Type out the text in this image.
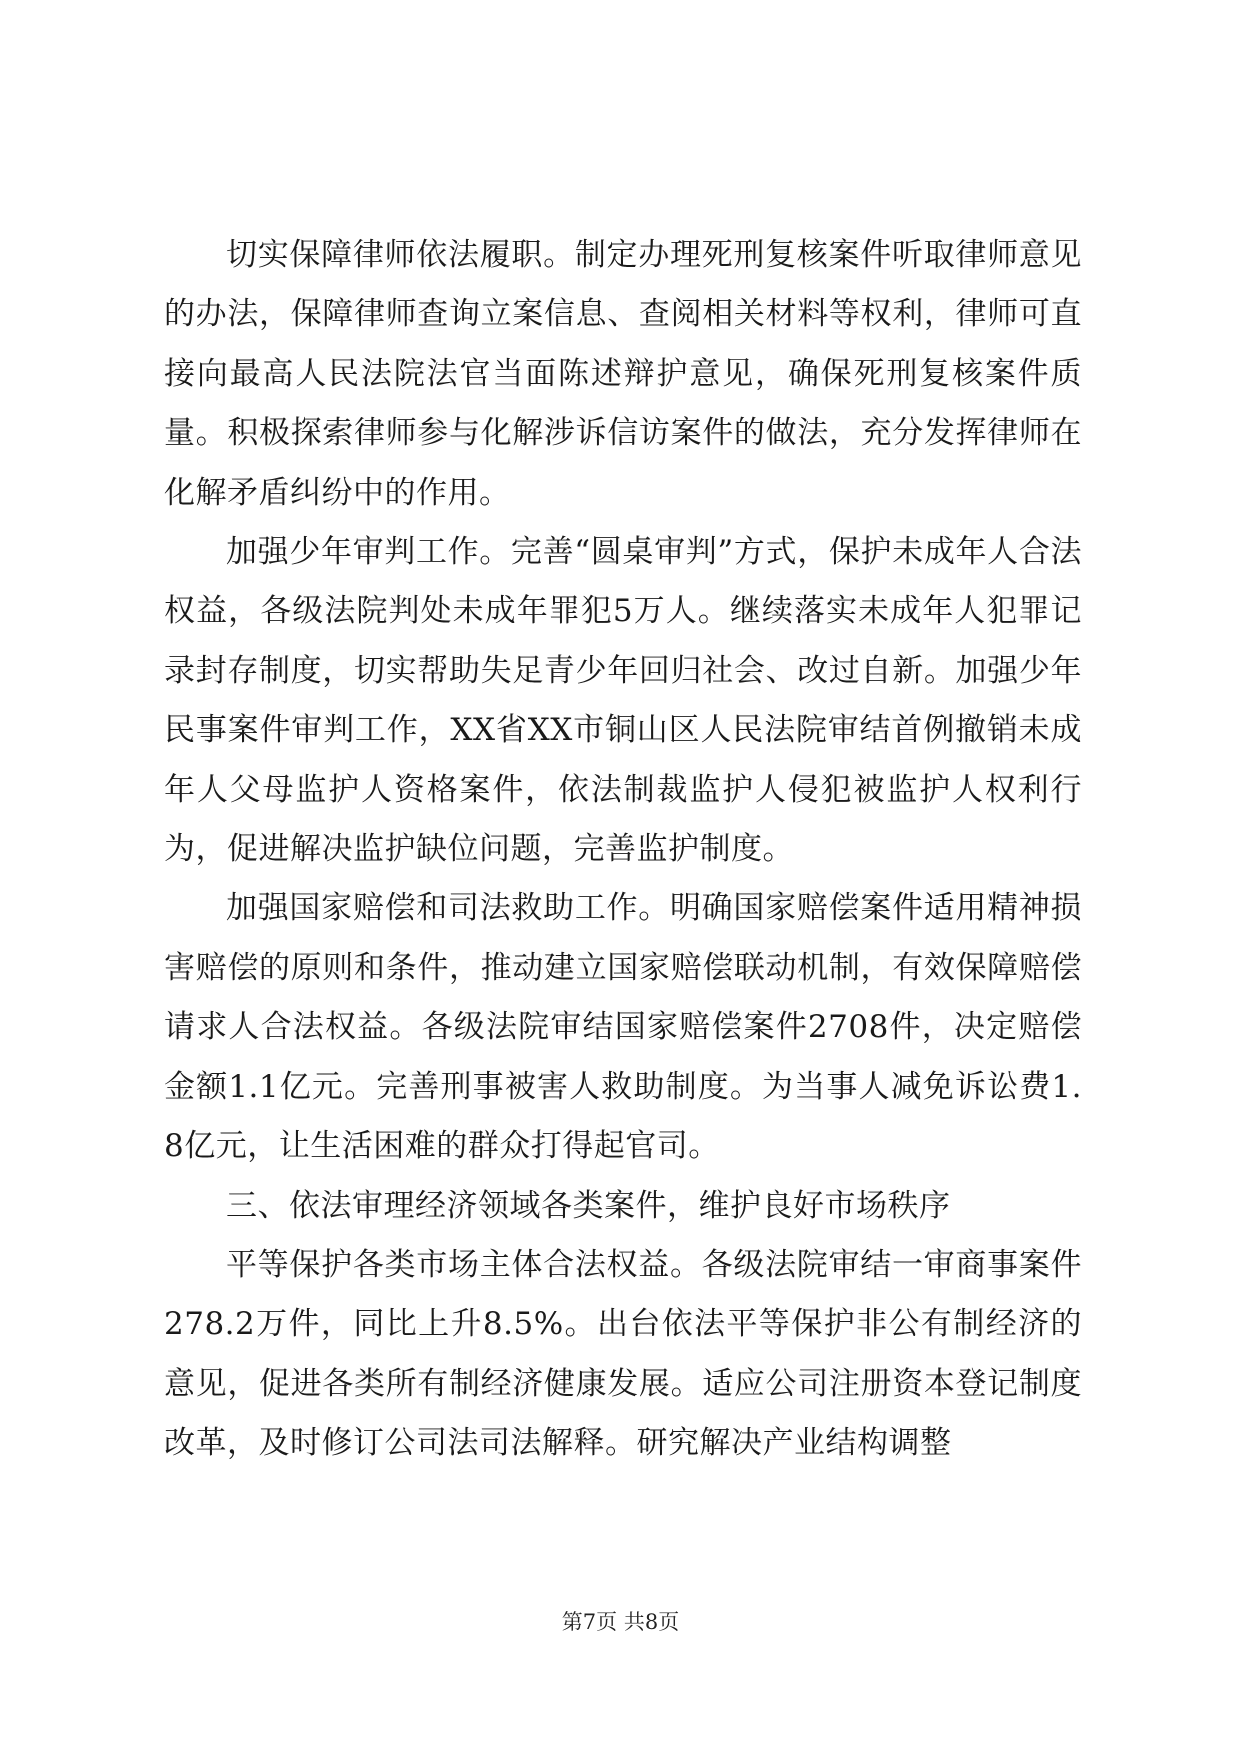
切实保障律师依法履职。制定办理死刑复核案件听取律师意见的办法，保障律师查询立案信息、查阅相关材料等权利，律师可直接向最高人民法院法官当面陈述辩护意见，确保死刑复核案件质量。积极探索律师参与化解涉诉信访案件的做法，充分发挥律师在化解矛盾纠纷中的作用。

加强少年审判工作。完善“圆桌审判”方式，保护未成年人合法权益，各级法院判处未成年罪犯5万人。继续落实未成年人犯罪记录封存制度，切实帮助失足青少年回归社会、改过自新。加强少年民事案件审判工作，XX省XX市铜山区人民法院审结首例撤销未成年人父母监护人资格案件，依法制裁监护人侵犯被监护人权利行为，促进解决监护缺位问题，完善监护制度。

加强国家赔偿和司法救助工作。明确国家赔偿案件适用精神损害赔偿的原则和条件，推动建立国家赔偿联动机制，有效保障赔偿请求人合法权益。各级法院审结国家赔偿案件2708件，决定赔偿金额1.1亿元。完善刑事被害人救助制度。为当事人减免诉讼费1.8亿元，让生活困难的群众打得起官司。

三、依法审理经济领域各类案件，维护良好市场秩序

平等保护各类市场主体合法权益。各级法院审结一审商事案件278.2万件，同比上升8.5%。出台依法平等保护非公有制经济的意见，促进各类所有制经济健康发展。适应公司注册资本登记制度改革，及时修订公司法司法解释。研究解决产业结构调整

第7页 共8页
